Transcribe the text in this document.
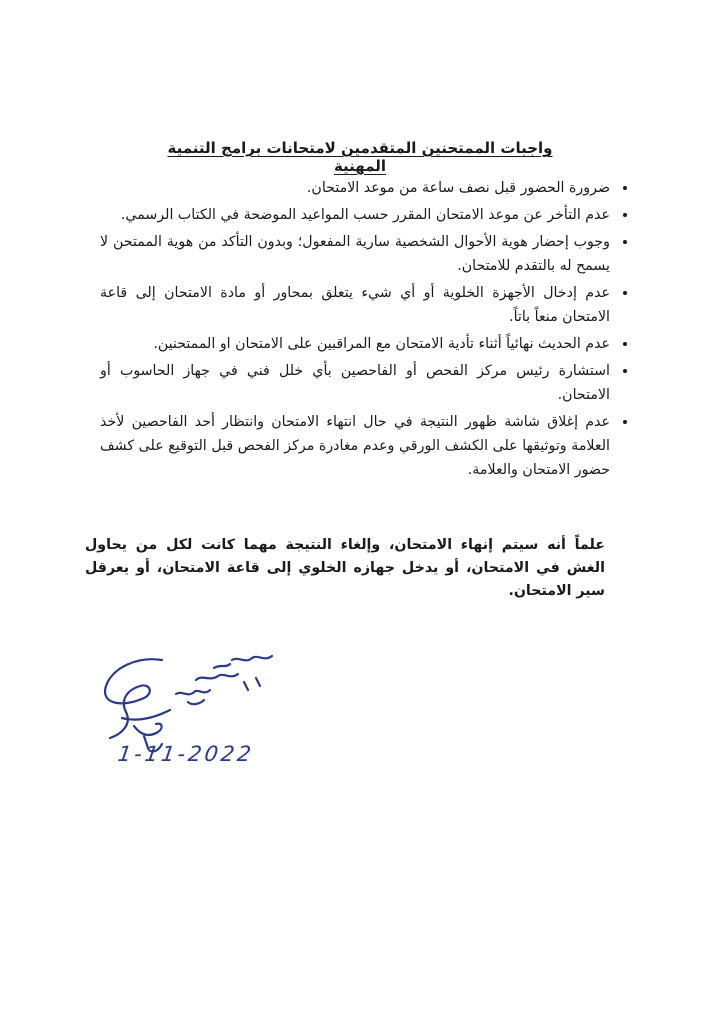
واجبات الممتحنين المتقدمين لامتحانات برامج التنمية المهنية
• ضرورة الحضور قبل نصف ساعة من موعد الامتحان.
• عدم التأخر عن موعد الامتحان المقرر حسب المواعيد الموضحة في الكتاب الرسمي.
• وجوب إحضار هوية الأحوال الشخصية سارية المفعول؛ وبدون التأكد من هوية الممتحن لا يسمح له بالتقدم للامتحان.
• عدم إدخال الأجهزة الخلوية أو أي شيء يتعلق بمحاور أو مادة الامتحان إلى قاعة الامتحان منعاً باتاً.
• عدم الحديث نهائياً أثناء تأدية الامتحان مع المراقبين على الامتحان او الممتحنين.
• استشارة رئيس مركز الفحص أو الفاحصين بأي خلل فني في جهاز الحاسوب أو الامتحان.
• عدم إغلاق شاشة ظهور النتيجة في حال انتهاء الامتحان وانتظار أحد الفاحصين لأخذ العلامة وتوثيقها على الكشف الورقي وعدم مغادرة مركز الفحص قبل التوقيع على كشف حضور الامتحان والعلامة.

علماً أنه سيتم إنهاء الامتحان، وإلغاء النتيجة مهما كانت لكل من يحاول الغش في الامتحان، أو يدخل جهازه الخلوي إلى قاعة الامتحان، أو يعرقل سير الامتحان.

1-11-2022
